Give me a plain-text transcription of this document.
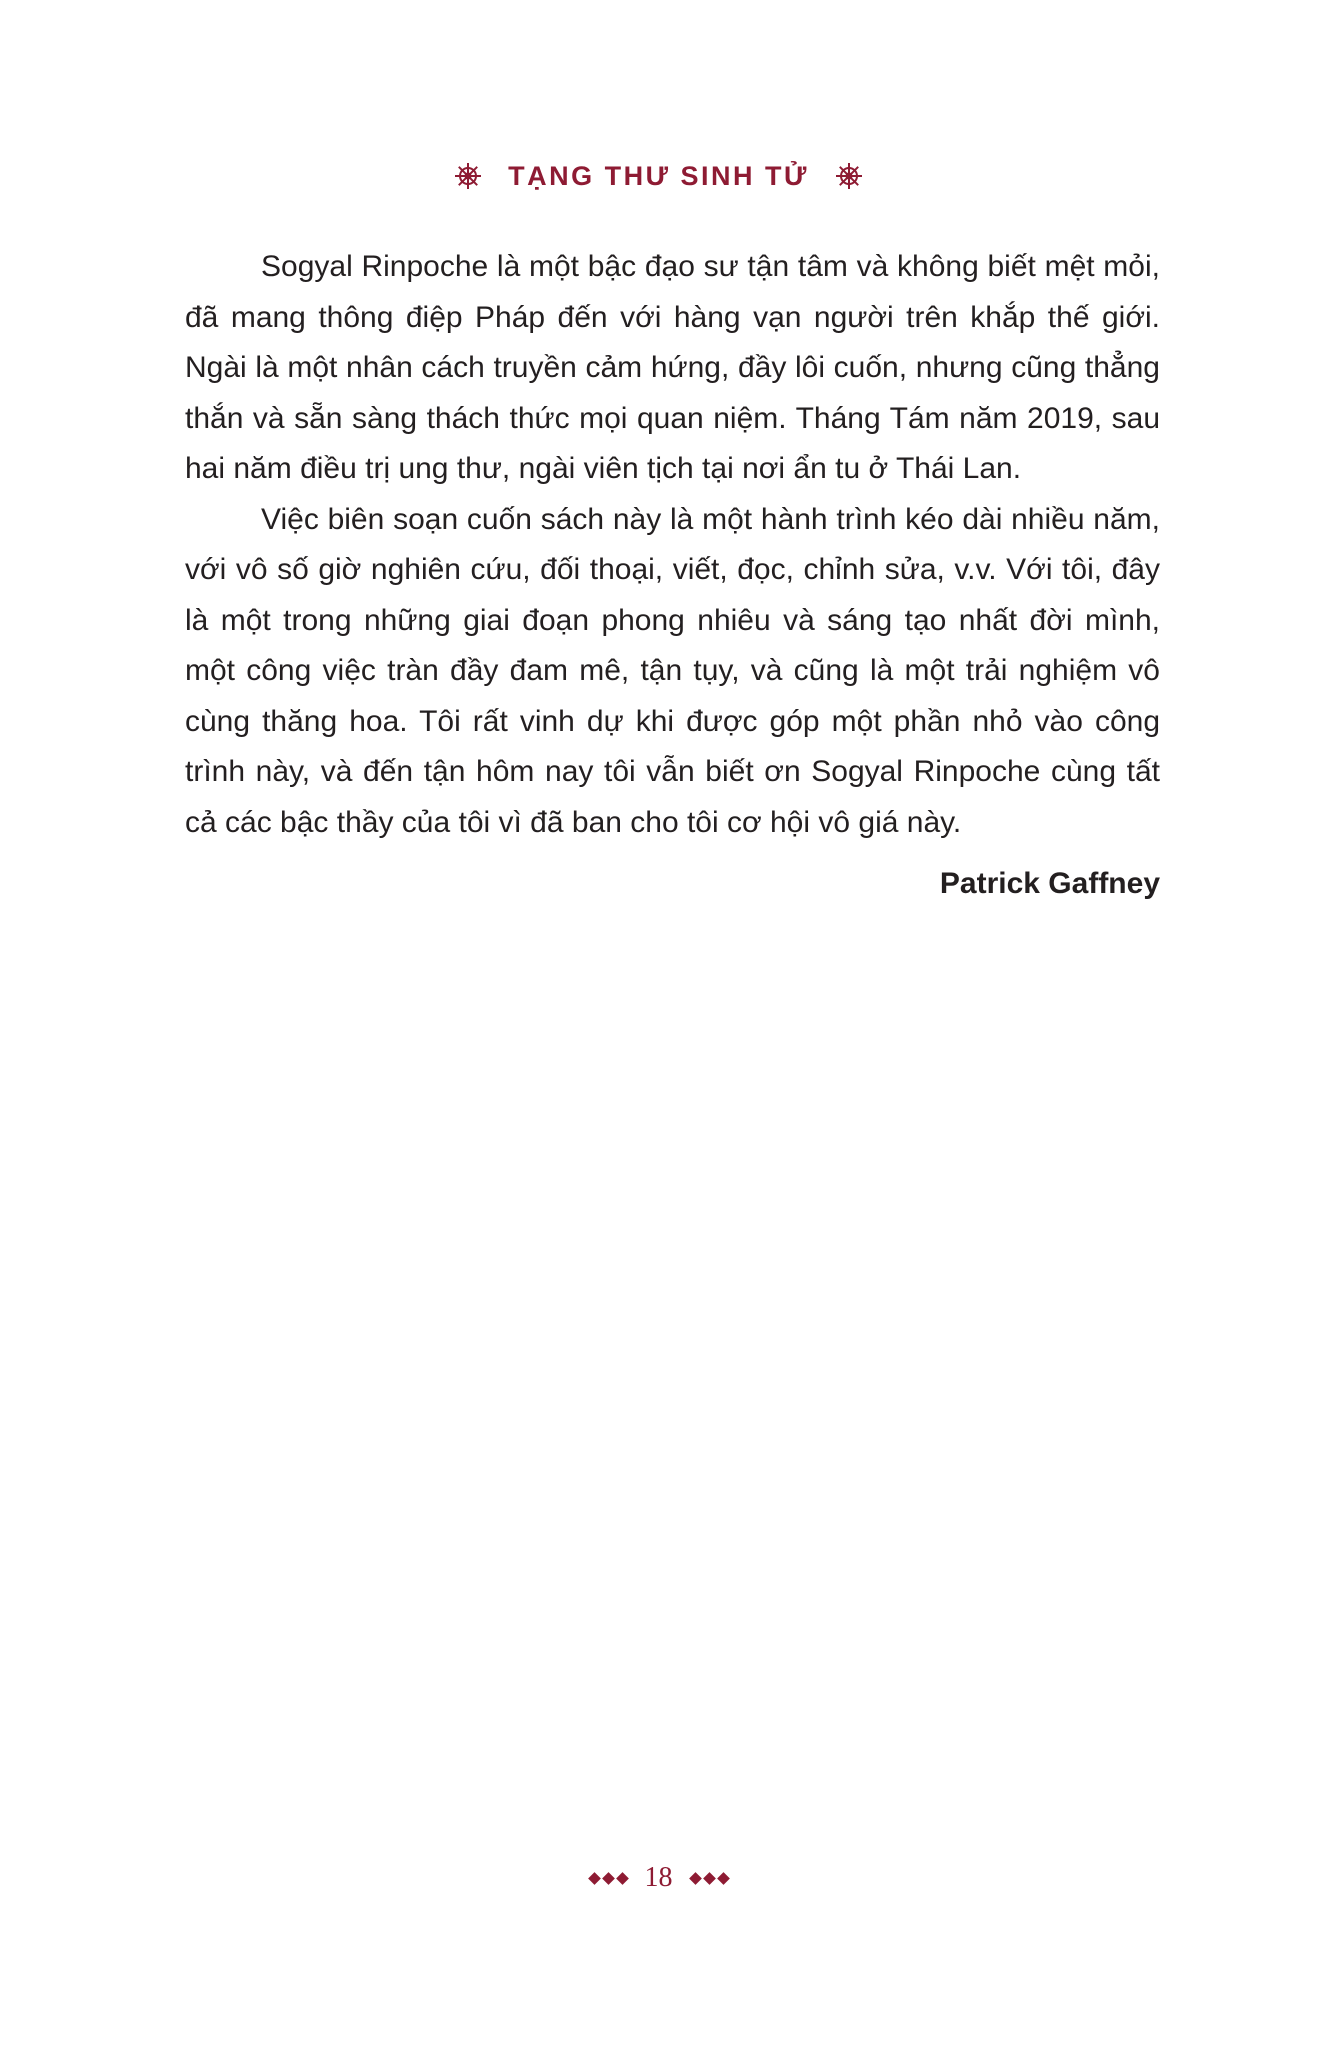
TẠNG THƯ SINH TỬ

Sogyal Rinpoche là một bậc đạo sư tận tâm và không biết mệt mỏi, đã mang thông điệp Pháp đến với hàng vạn người trên khắp thế giới. Ngài là một nhân cách truyền cảm hứng, đầy lôi cuốn, nhưng cũng thẳng thắn và sẵn sàng thách thức mọi quan niệm. Tháng Tám năm 2019, sau hai năm điều trị ung thư, ngài viên tịch tại nơi ẩn tu ở Thái Lan.

Việc biên soạn cuốn sách này là một hành trình kéo dài nhiều năm, với vô số giờ nghiên cứu, đối thoại, viết, đọc, chỉnh sửa, v.v. Với tôi, đây là một trong những giai đoạn phong nhiêu và sáng tạo nhất đời mình, một công việc tràn đầy đam mê, tận tụy, và cũng là một trải nghiệm vô cùng thăng hoa. Tôi rất vinh dự khi được góp một phần nhỏ vào công trình này, và đến tận hôm nay tôi vẫn biết ơn Sogyal Rinpoche cùng tất cả các bậc thầy của tôi vì đã ban cho tôi cơ hội vô giá này.

Patrick Gaffney
18
